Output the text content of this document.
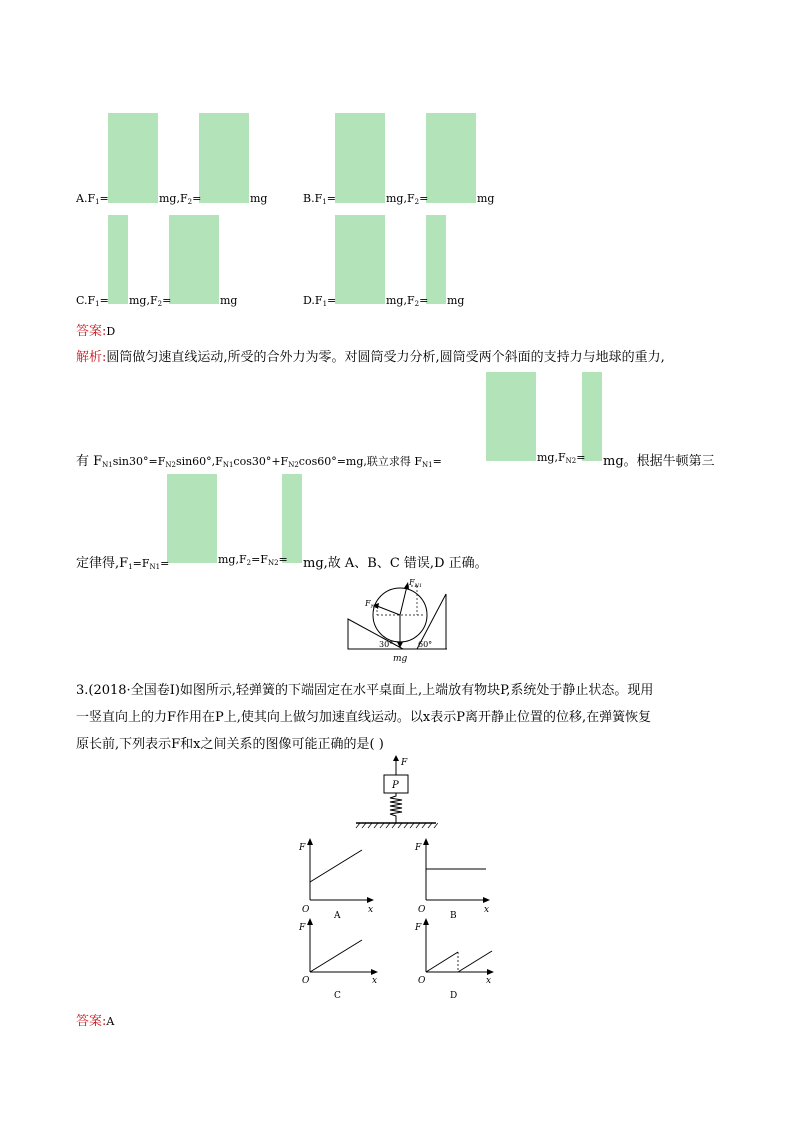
$A.F_1=$	$mg,F_2=$	mg	$B.F_1=$	$mg,F_2=$	mg
$C.F_1= mg,F_2=$	mg	$D.F_1=$	$mg,F_2=$ mg
答案:D
解析:圆筒做匀速直线运动,所受的合外力为零。对圆筒受力分析,圆筒受两个斜面的支持力与地球的重力,
有 $F_{N1}\sin 30^\circ=F_{N2}\sin 60^\circ,F_{N1}\cos 30^\circ+F_{N2}\cos 60^\circ=mg$,联立求得 $F_{N1}=$	$mg,F_{N2}=$ mg。根据牛顿第三
定律得$,F_1=F_{N1}=$	$mg,F_2=F_{N2}=$ mg,故 A、B、C 错误,D 正确。
$F_{N1}$
$F_{N2}$
30°	60°
mg
3.(2018·全国卷Ⅰ)如图所示,轻弹簧的下端固定在水平桌面上,上端放有物块P,系统处于静止状态。现用
一竖直向上的力F作用在P上,使其向上做匀加速直线运动。以x表示P离开静止位置的位移,在弹簧恢复
原长前,下列表示F和x之间关系的图像可能正确的是( )
F
P
F
x
O
A
F
x
O
B
F
x
O
C
F
x
O
D
答案:A
